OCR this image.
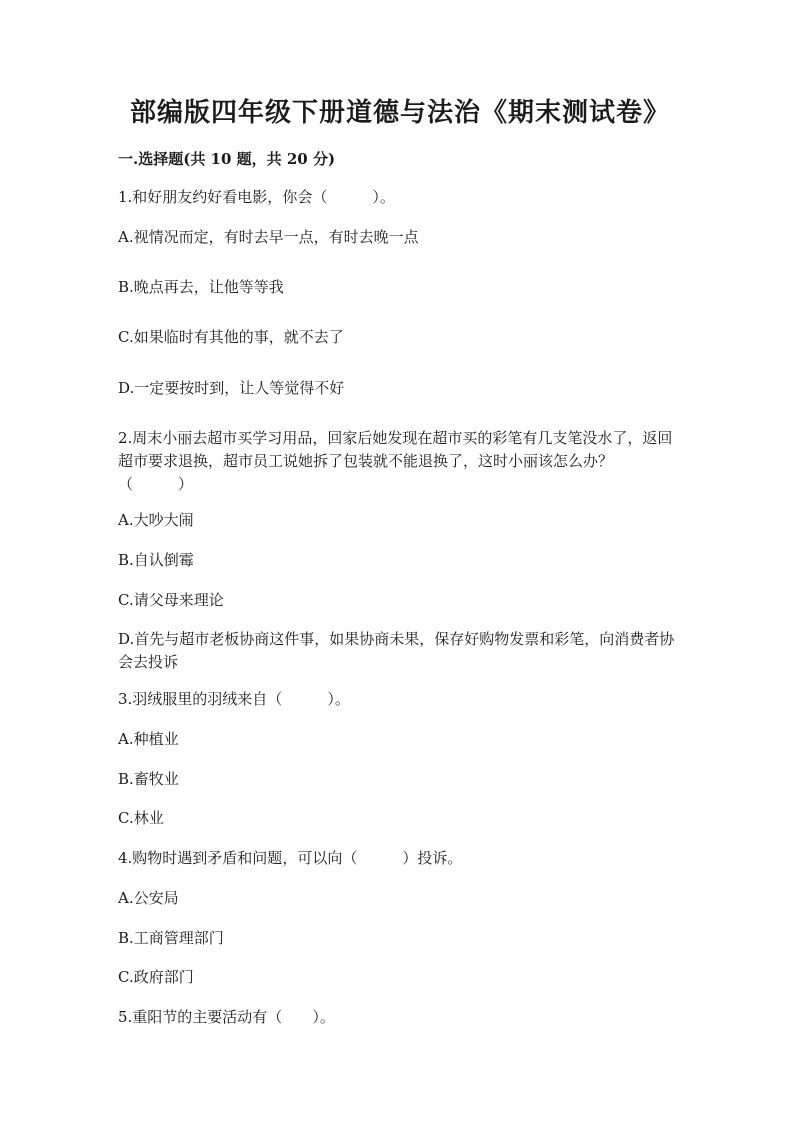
部编版四年级下册道德与法治《期末测试卷》
一.选择题(共 10 题，共 20 分)
1.和好朋友约好看电影，你会（　　　）。
A.视情况而定，有时去早一点，有时去晚一点
B.晚点再去，让他等等我
C.如果临时有其他的事，就不去了
D.一定要按时到，让人等觉得不好
2.周末小丽去超市买学习用品，回家后她发现在超市买的彩笔有几支笔没水了，返回超市要求退换，超市员工说她拆了包装就不能退换了，这时小丽该怎么办？（　　　）
A.大吵大闹
B.自认倒霉
C.请父母来理论
D.首先与超市老板协商这件事，如果协商未果，保存好购物发票和彩笔，向消费者协会去投诉
3.羽绒服里的羽绒来自（　　　）。
A.种植业
B.畜牧业
C.林业
4.购物时遇到矛盾和问题，可以向（　　　）投诉。
A.公安局
B.工商管理部门
C.政府部门
5.重阳节的主要活动有（　　）。
